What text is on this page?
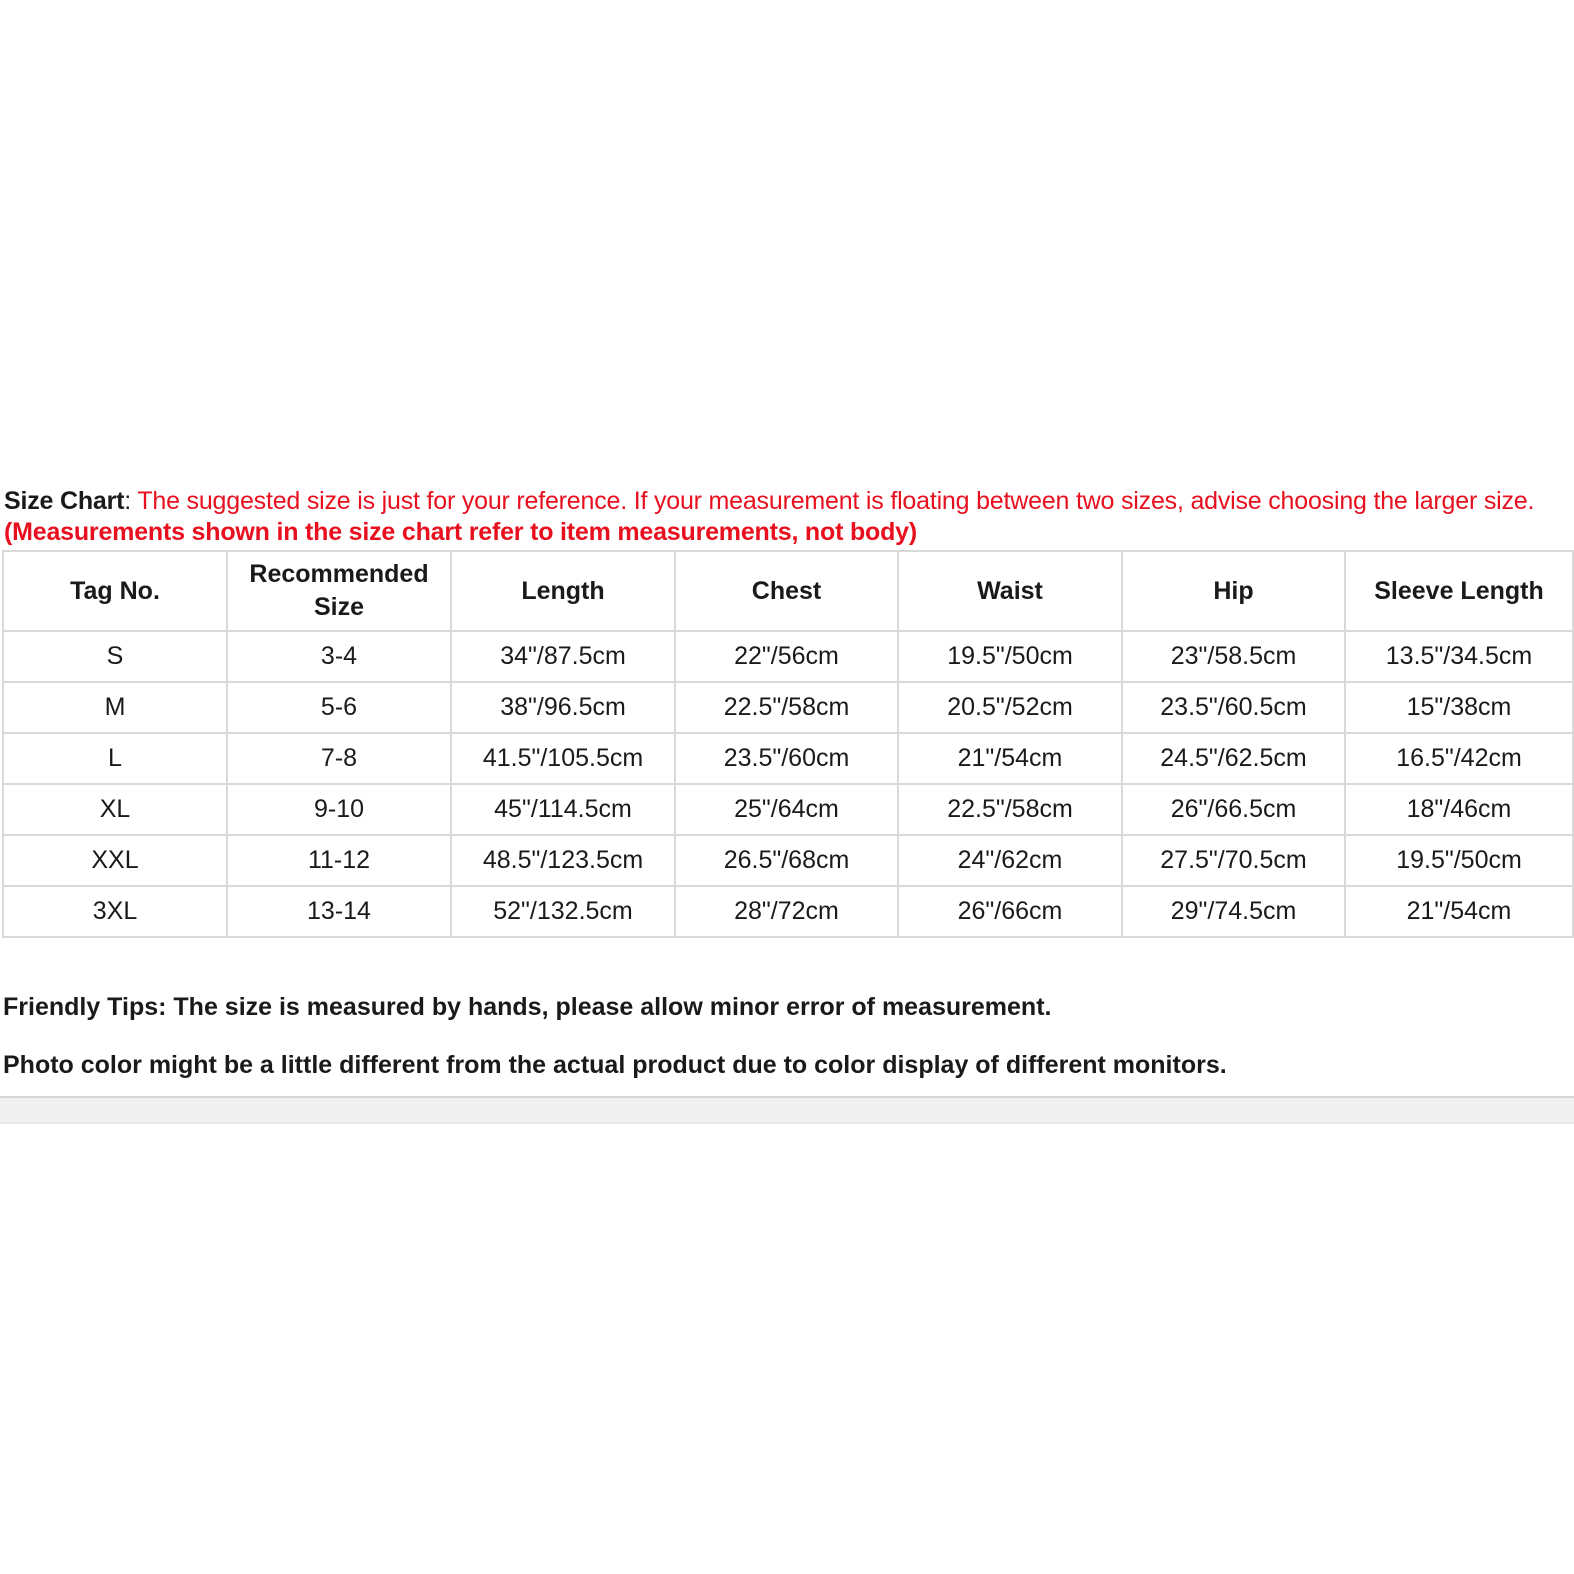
Size Chart: The suggested size is just for your reference. If your measurement is floating between two sizes, advise choosing the larger size. (Measurements shown in the size chart refer to item measurements, not body)

Tag No.	Recommended Size	Length	Chest	Waist	Hip	Sleeve Length
S	3-4	34"/87.5cm	22"/56cm	19.5"/50cm	23"/58.5cm	13.5"/34.5cm
M	5-6	38"/96.5cm	22.5"/58cm	20.5"/52cm	23.5"/60.5cm	15"/38cm
L	7-8	41.5"/105.5cm	23.5"/60cm	21"/54cm	24.5"/62.5cm	16.5"/42cm
XL	9-10	45"/114.5cm	25"/64cm	22.5"/58cm	26"/66.5cm	18"/46cm
XXL	11-12	48.5"/123.5cm	26.5"/68cm	24"/62cm	27.5"/70.5cm	19.5"/50cm
3XL	13-14	52"/132.5cm	28"/72cm	26"/66cm	29"/74.5cm	21"/54cm

Friendly Tips: The size is measured by hands, please allow minor error of measurement.

Photo color might be a little different from the actual product due to color display of different monitors.
